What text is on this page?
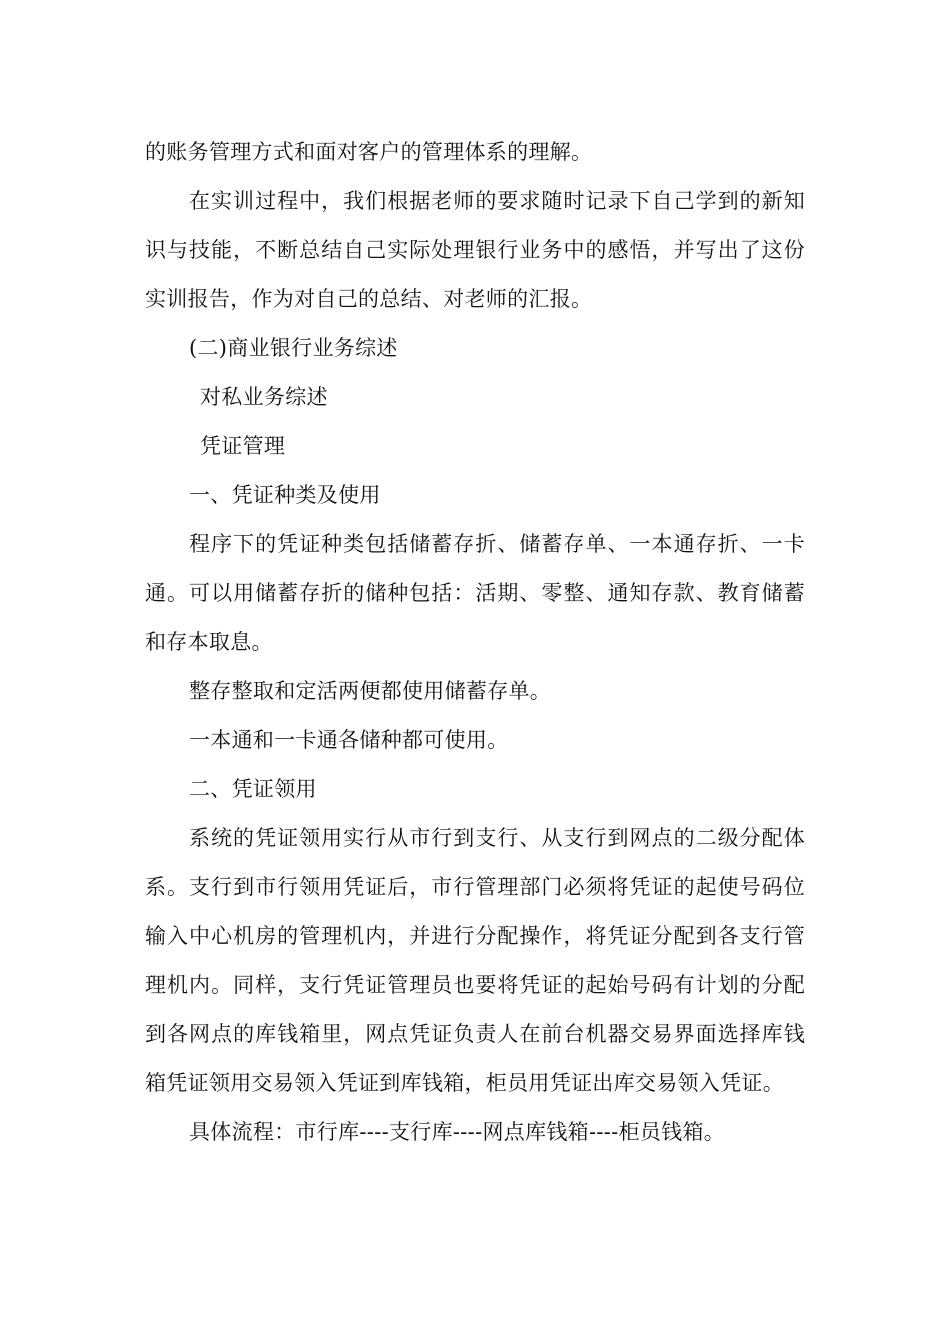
的账务管理方式和面对客户的管理体系的理解。

在实训过程中，我们根据老师的要求随时记录下自己学到的新知识与技能，不断总结自己实际处理银行业务中的感悟，并写出了这份实训报告，作为对自己的总结、对老师的汇报。

(二)商业银行业务综述

对私业务综述

凭证管理

一、凭证种类及使用

程序下的凭证种类包括储蓄存折、储蓄存单、一本通存折、一卡通。可以用储蓄存折的储种包括：活期、零整、通知存款、教育储蓄和存本取息。

整存整取和定活两便都使用储蓄存单。

一本通和一卡通各储种都可使用。

二、凭证领用

系统的凭证领用实行从市行到支行、从支行到网点的二级分配体系。支行到市行领用凭证后，市行管理部门必须将凭证的起使号码位输入中心机房的管理机内，并进行分配操作，将凭证分配到各支行管理机内。同样，支行凭证管理员也要将凭证的起始号码有计划的分配到各网点的库钱箱里，网点凭证负责人在前台机器交易界面选择库钱箱凭证领用交易领入凭证到库钱箱，柜员用凭证出库交易领入凭证。

具体流程：市行库----支行库----网点库钱箱----柜员钱箱。
